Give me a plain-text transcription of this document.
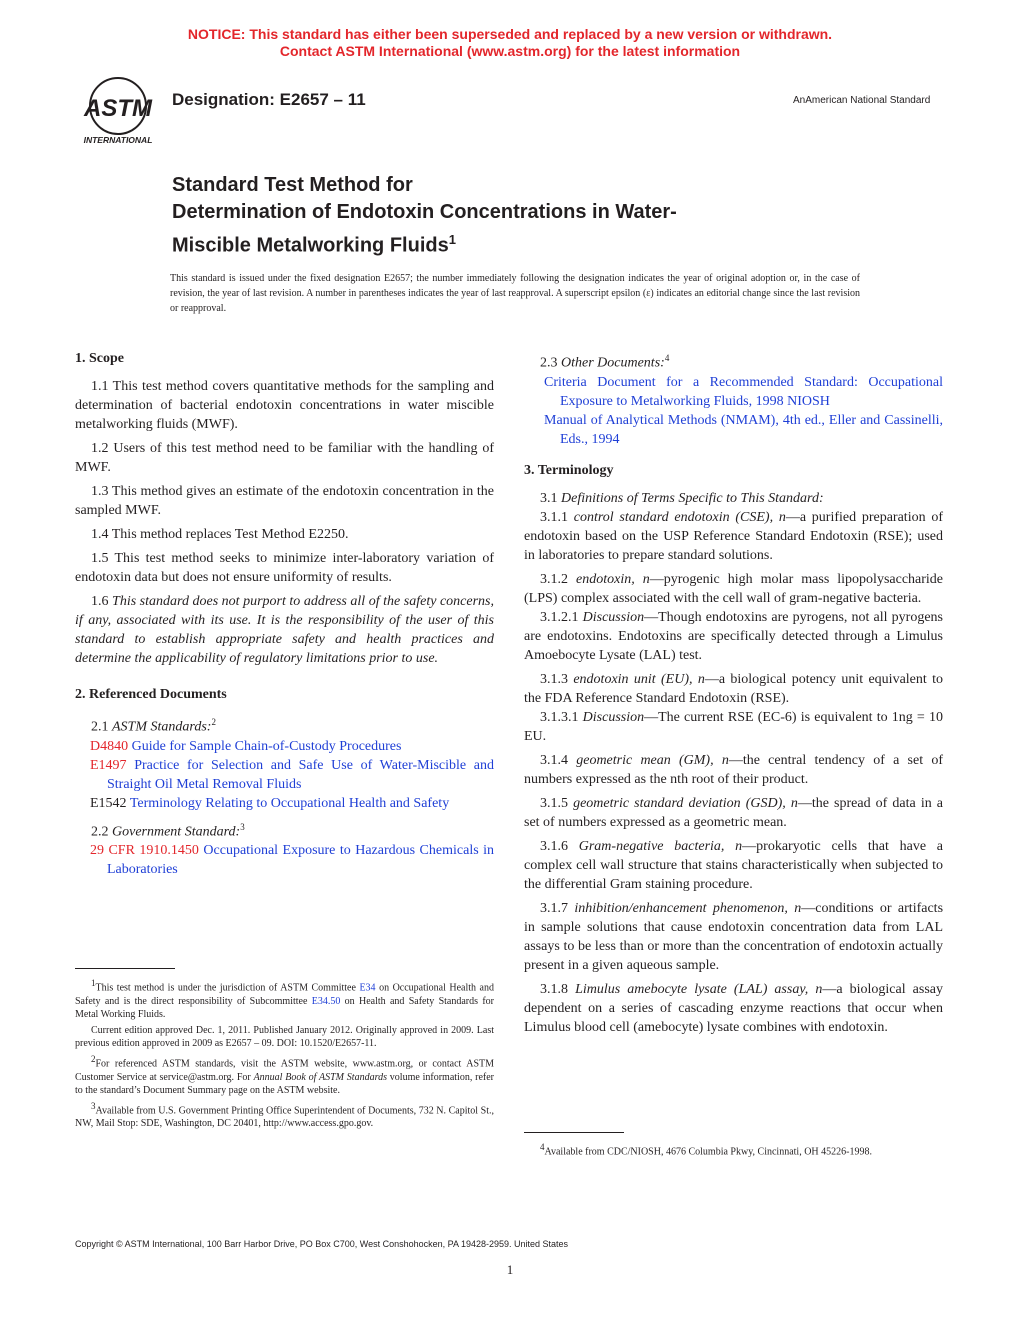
NOTICE: This standard has either been superseded and replaced by a new version or withdrawn.
Contact ASTM International (www.astm.org) for the latest information
ASTM
INTERNATIONAL
Designation: E2657 – 11	AnAmerican National Standard
Standard Test Method for
Determination of Endotoxin Concentrations in Water-
Miscible Metalworking Fluids$^1$
This standard is issued under the fixed designation E2657; the number immediately following the designation indicates the year of original adoption or, in the case of revision, the year of last revision. A number in parentheses indicates the year of last reapproval. A superscript epsilon (ε) indicates an editorial change since the last revision or reapproval.

1. Scope

1.1 This test method covers quantitative methods for the sampling and determination of bacterial endotoxin concentrations in water miscible metalworking fluids (MWF).

1.2 Users of this test method need to be familiar with the handling of MWF.

1.3 This method gives an estimate of the endotoxin concentration in the sampled MWF.

1.4 This method replaces Test Method E2250.

1.5 This test method seeks to minimize inter-laboratory variation of endotoxin data but does not ensure uniformity of results.

1.6 This standard does not purport to address all of the safety concerns, if any, associated with its use. It is the responsibility of the user of this standard to establish appropriate safety and health practices and determine the applicability of regulatory limitations prior to use.

2. Referenced Documents

2.1 ASTM Standards:$^2$

D4840 Guide for Sample Chain-of-Custody Procedures

E1497 Practice for Selection and Safe Use of Water-Miscible and Straight Oil Metal Removal Fluids

E1542 Terminology Relating to Occupational Health and Safety

2.2 Government Standard:$^3$

29 CFR 1910.1450 Occupational Exposure to Hazardous Chemicals in Laboratories

$^1$This test method is under the jurisdiction of ASTM Committee E34 on Occupational Health and Safety and is the direct responsibility of Subcommittee E34.50 on Health and Safety Standards for Metal Working Fluids.

Current edition approved Dec. 1, 2011. Published January 2012. Originally approved in 2009. Last previous edition approved in 2009 as E2657 – 09. DOI: 10.1520/E2657-11.

$^2$For referenced ASTM standards, visit the ASTM website, www.astm.org, or contact ASTM Customer Service at service@astm.org. For Annual Book of ASTM Standards volume information, refer to the standard’s Document Summary page on the ASTM website.

$^3$Available from U.S. Government Printing Office Superintendent of Documents, 732 N. Capitol St., NW, Mail Stop: SDE, Washington, DC 20401, http://www.access.gpo.gov.

2.3 Other Documents:$^4$

Criteria Document for a Recommended Standard: Occupational Exposure to Metalworking Fluids, 1998 NIOSH

Manual of Analytical Methods (NMAM), 4th ed., Eller and Cassinelli, Eds., 1994

3. Terminology

3.1 Definitions of Terms Specific to This Standard:

3.1.1 control standard endotoxin (CSE), n—a purified preparation of endotoxin based on the USP Reference Standard Endotoxin (RSE); used in laboratories to prepare standard solutions.

3.1.2 endotoxin, n—pyrogenic high molar mass lipopolysaccharide (LPS) complex associated with the cell wall of gram-negative bacteria.

3.1.2.1 Discussion—Though endotoxins are pyrogens, not all pyrogens are endotoxins. Endotoxins are specifically detected through a Limulus Amoebocyte Lysate (LAL) test.

3.1.3 endotoxin unit (EU), n—a biological potency unit equivalent to the FDA Reference Standard Endotoxin (RSE).

3.1.3.1 Discussion—The current RSE (EC-6) is equivalent to 1ng = 10 EU.

3.1.4 geometric mean (GM), n—the central tendency of a set of numbers expressed as the nth root of their product.

3.1.5 geometric standard deviation (GSD), n—the spread of data in a set of numbers expressed as a geometric mean.

3.1.6 Gram-negative bacteria, n—prokaryotic cells that have a complex cell wall structure that stains characteristically when subjected to the differential Gram staining procedure.

3.1.7 inhibition/enhancement phenomenon, n—conditions or artifacts in sample solutions that cause endotoxin concentration data from LAL assays to be less than or more than the concentration of endotoxin actually present in a given aqueous sample.

3.1.8 Limulus amebocyte lysate (LAL) assay, n—a biological assay dependent on a series of cascading enzyme reactions that occur when Limulus blood cell (amebocyte) lysate combines with endotoxin.

$^4$Available from CDC/NIOSH, 4676 Columbia Pkwy, Cincinnati, OH 45226-1998.

Copyright © ASTM International, 100 Barr Harbor Drive, PO Box C700, West Conshohocken, PA 19428-2959. United States
1
